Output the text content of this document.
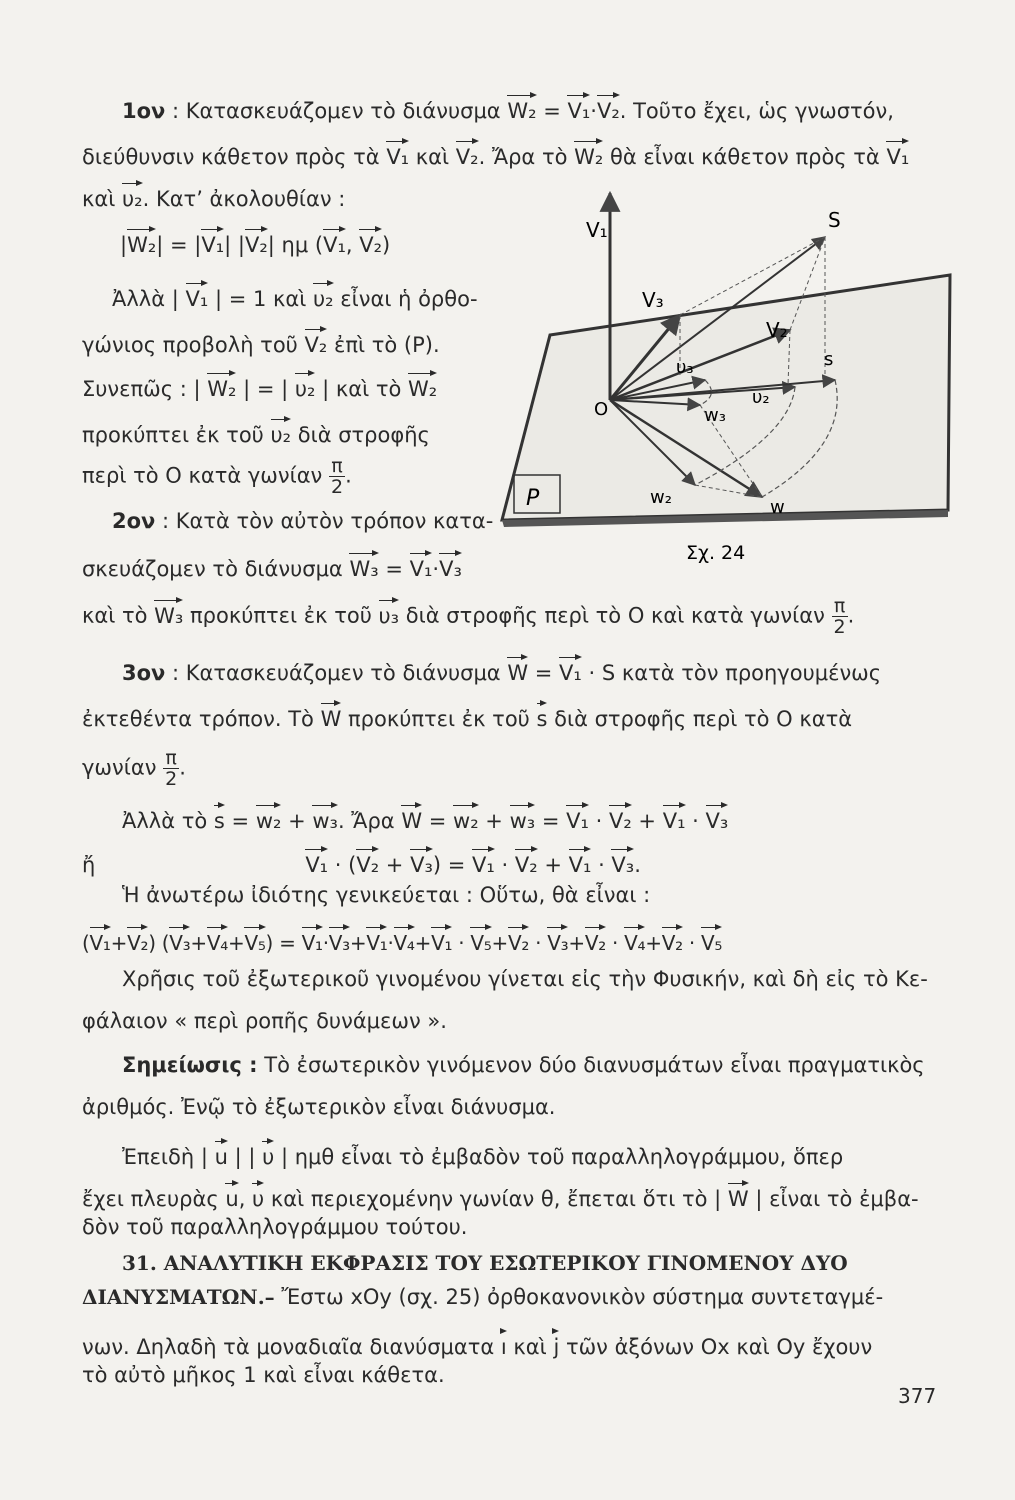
1ον : Κατασκευάζομεν τὸ διάνυσμα W₂ = V₁·V₂. Τοῦτο ἔχει, ὡς γνωστόν,
διεύθυνσιν κάθετον πρὸς τὰ V₁ καὶ V₂. Ἄρα τὸ W₂ θὰ εἶναι κάθετον πρὸς τὰ V₁
καὶ υ₂. Κατ’ ἀκολουθίαν :
|W₂| = |V₁| |V₂| ημ (V₁, V₂)
Ἀλλὰ | V₁ | = 1 καὶ υ₂ εἶναι ἡ ὀρθο-
γώνιος προβολὴ τοῦ V₂ ἐπὶ τὸ (P).
Συνεπῶς : | W₂ | = | υ₂ | καὶ τὸ W₂
προκύπτει ἐκ τοῦ υ₂ διὰ στροφῆς
περὶ τὸ Ο κατὰ γωνίαν $\frac{\pi}{2}$ .
2ον : Κατὰ τὸν αὐτὸν τρόπον κατα-
σκευάζομεν τὸ διάνυσμα W₃ = V₁·V₃
καὶ τὸ W₃ προκύπτει ἐκ τοῦ υ₃ διὰ στροφῆς περὶ τὸ Ο καὶ κατὰ γωνίαν $\frac{\pi}{2}$ .
3ον : Κατασκευάζομεν τὸ διάνυσμα W = V₁ · S κατὰ τὸν προηγουμένως
ἐκτεθέντα τρόπον. Τὸ W προκύπτει ἐκ τοῦ s διὰ στροφῆς περὶ τὸ Ο κατὰ
γωνίαν $\frac{\pi}{2}$ .
Ἀλλὰ τὸ s = w₂ + w₃. Ἄρα W = w₂ + w₃ = V₁ · V₂ + V₁ · V₃
ἤ	V₁ · (V₂ + V₃) = V₁ · V₂ + V₁ · V₃.
Ἡ ἀνωτέρω ἰδιότης γενικεύεται : Οὕτω, θὰ εἶναι :
(V₁+V₂) (V₃+V₄+V₅) = V₁·V₃+V₁·V₄+V₁ · V₅+V₂ · V₃+V₂ · V₄+V₂ · V₅
Χρῆσις τοῦ ἐξωτερικοῦ γινομένου γίνεται εἰς τὴν Φυσικήν, καὶ δὴ εἰς τὸ Κε-
φάλαιον « περὶ ροπῆς δυνάμεων ».
Σημείωσις : Τὸ ἐσωτερικὸν γινόμενον δύο διανυσμάτων εἶναι πραγματικὸς
ἀριθμός. Ἐνῷ τὸ ἐξωτερικὸν εἶναι διάνυσμα.
Ἐπειδὴ | u | | υ | ημθ εἶναι τὸ ἐμβαδὸν τοῦ παραλληλογράμμου, ὅπερ
ἔχει πλευρὰς u, υ καὶ περιεχομένην γωνίαν θ, ἔπεται ὅτι τὸ | W | εἶναι τὸ ἐμβα-
δὸν τοῦ παραλληλογράμμου τούτου.
31. ΑΝΑΛΥΤΙΚΗ ΕΚΦΡΑΣΙΣ ΤΟΥ ΕΣΩΤΕΡΙΚΟΥ ΓΙΝΟΜΕΝΟΥ ΔΥΟ
ΔΙΑΝΥΣΜΑΤΩΝ.– Ἔστω xOy (σχ. 25) ὀρθοκανονικὸν σύστημα συντεταγμέ-
νων. Δηλαδὴ τὰ μοναδιαῖα διανύσματα ı καὶ j τῶν ἀξόνων Ox καὶ Oy ἔχουν
τὸ αὐτὸ μῆκος 1 καὶ εἶναι κάθετα.
377
P
V₁
O
V₃
V₂
S
υ₃
υ₂
s
w₃
w₂	w
Σχ. 24
